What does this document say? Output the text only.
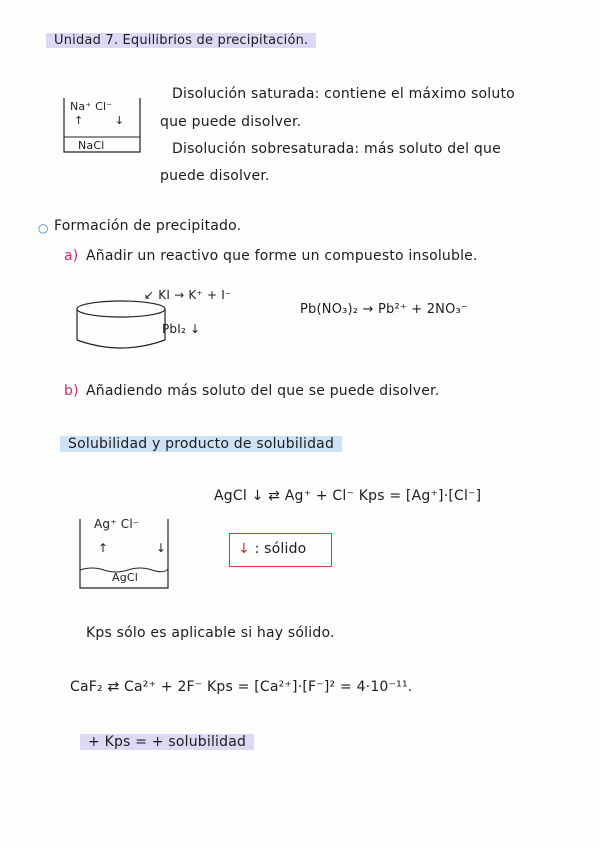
Unidad 7. Equilibrios de precipitación.
Na⁺ Cl⁻
↑ ↓
NaCl
Disolución saturada: contiene el máximo soluto
que puede disolver.
Disolución sobresaturada: más soluto del que
puede disolver.
○ Formación de precipitado.
a) Añadir un reactivo que forme un compuesto insoluble.
↙ KI → K⁺ + I⁻
PbI₂ ↓
Pb(NO₃)₂ → Pb²⁺ + 2NO₃⁻
b) Añadiendo más soluto del que se puede disolver.
Solubilidad y producto de solubilidad
AgCl ↓ ⇄ Ag⁺ + Cl⁻ Kps = [Ag⁺]·[Cl⁻]
Ag⁺ Cl⁻
↑ ↓
AgCl
↓ : sólido
Kps sólo es aplicable si hay sólido.
CaF₂ ⇄ Ca²⁺ + 2F⁻ Kps = [Ca²⁺]·[F⁻]² = 4·10⁻¹¹.
+ Kps = + solubilidad
